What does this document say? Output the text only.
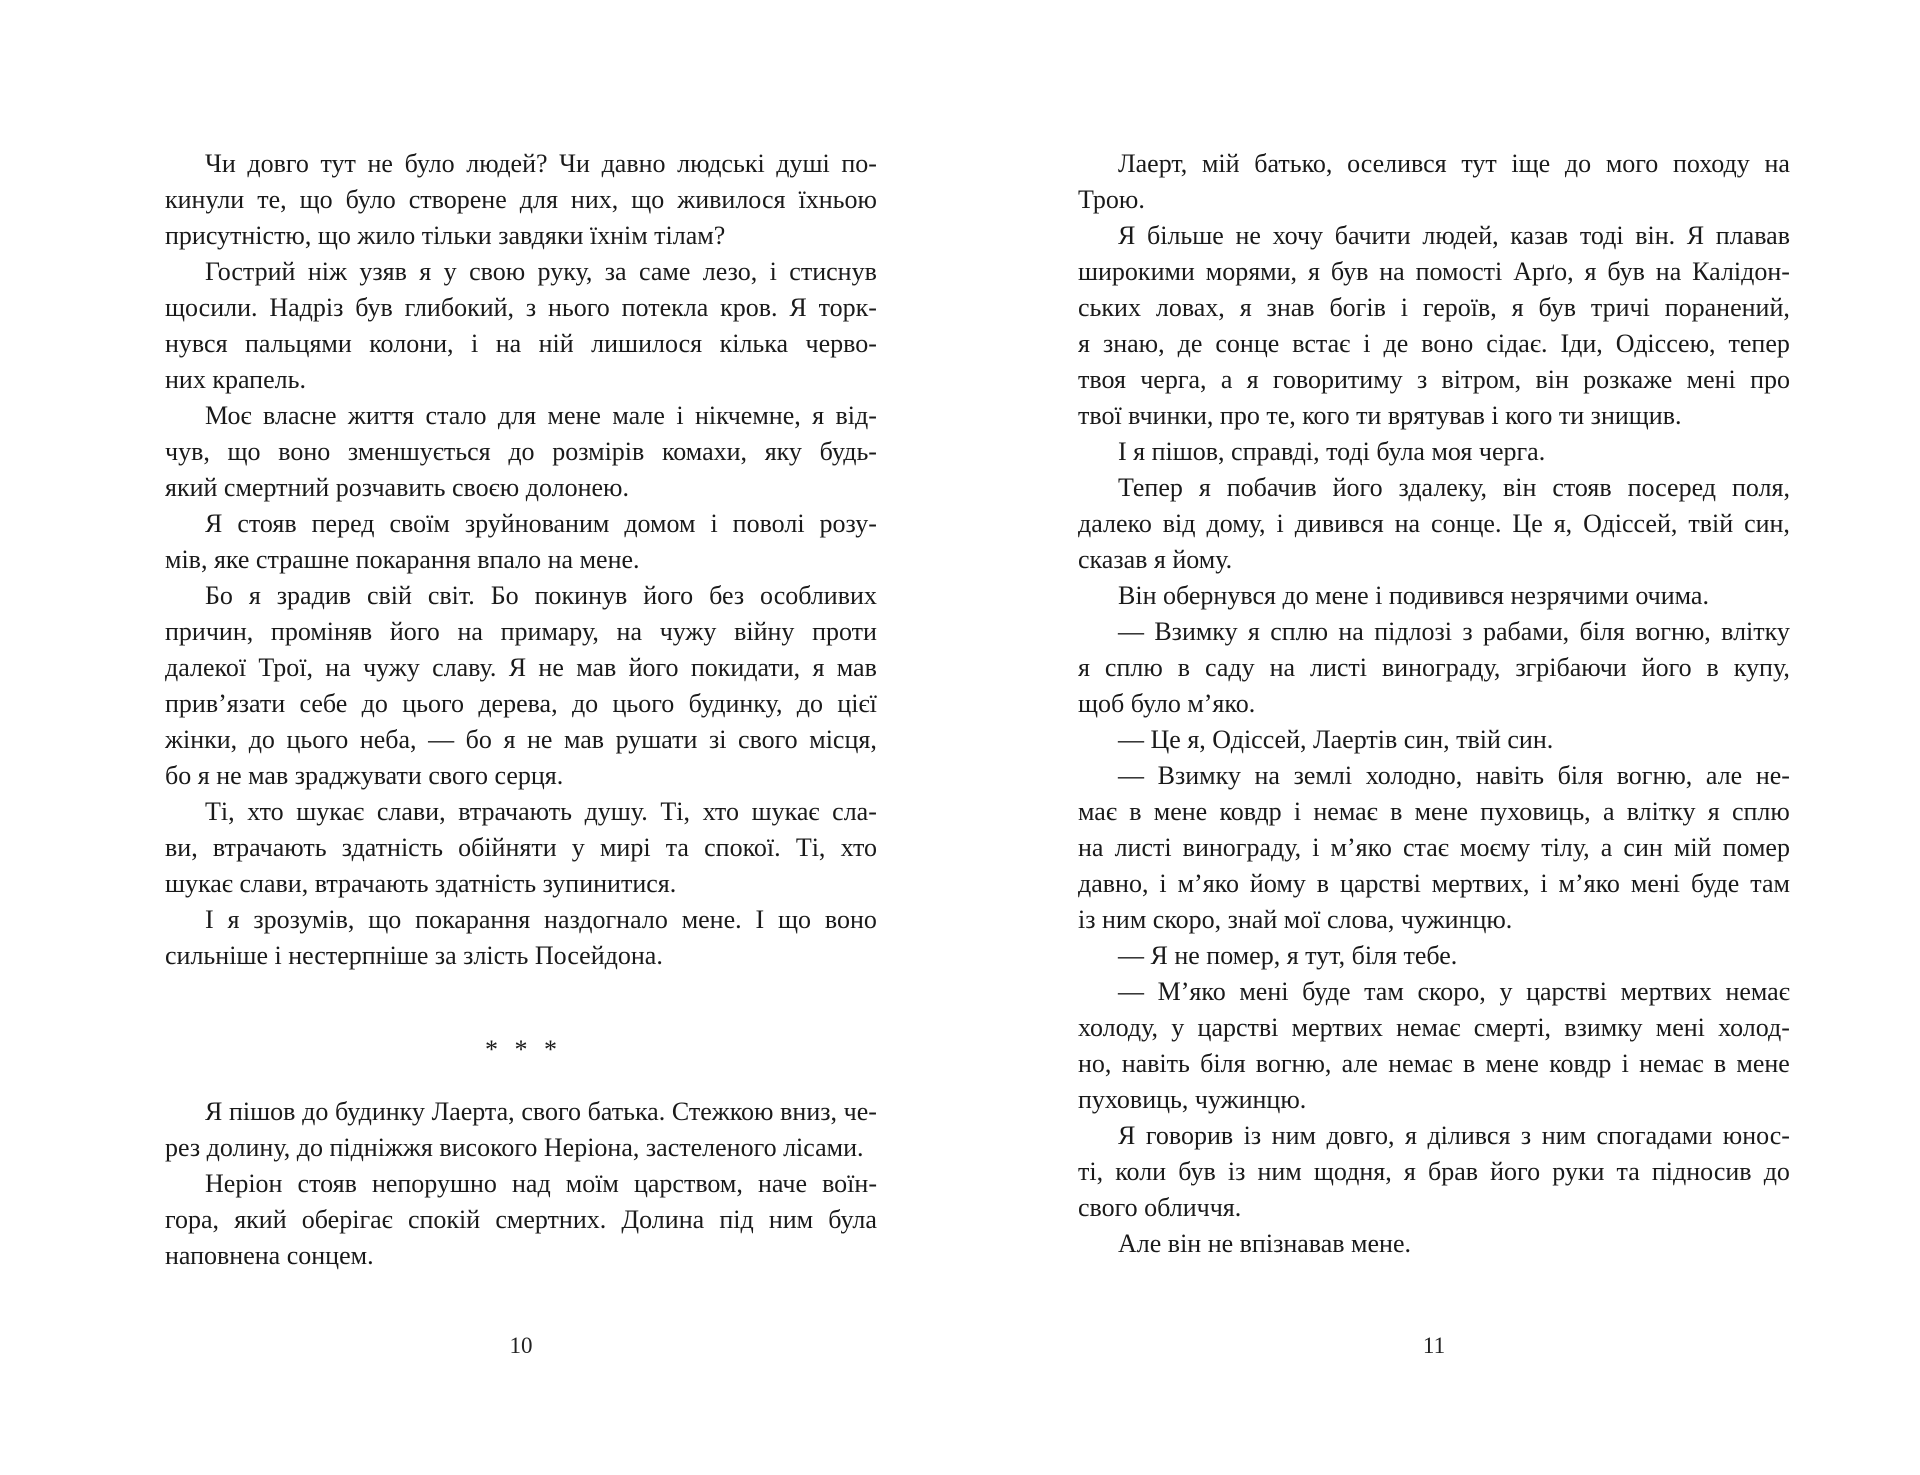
Чи довго тут не було людей? Чи давно людські душі по-
кинули те, що було створене для них, що живилося їхньою
присутністю, що жило тільки завдяки їхнім тілам?
Гострий ніж узяв я у свою руку, за саме лезо, і стиснув
щосили. Надріз був глибокий, з нього потекла кров. Я торк-
нувся пальцями колони, і на ній лишилося кілька черво-
них крапель.
Моє власне життя стало для мене мале і нікчемне, я від-
чув, що воно зменшується до розмірів комахи, яку будь-
який смертний розчавить своєю долонею.
Я стояв перед своїм зруйнованим домом і поволі розу-
мів, яке страшне покарання впало на мене.
Бо я зрадив свій світ. Бо покинув його без особливих
причин, проміняв його на примару, на чужу війну проти
далекої Трої, на чужу славу. Я не мав його покидати, я мав
прив’язати себе до цього дерева, до цього будинку, до цієї
жінки, до цього неба, — бо я не мав рушати зі свого місця,
бо я не мав зраджувати свого серця.
Ті, хто шукає слави, втрачають душу. Ті, хто шукає сла-
ви, втрачають здатність обійняти у мирі та спокої. Ті, хто
шукає слави, втрачають здатність зупинитися.
І я зрозумів, що покарання наздогнало мене. І що воно
сильніше і нестерпніше за злість Посейдона.
* * *
Я пішов до будинку Лаерта, свого батька. Стежкою вниз, че-
рез долину, до підніжжя високого Неріона, застеленого лісами.
Неріон стояв непорушно над моїм царством, наче воїн-
гора, який оберігає спокій смертних. Долина під ним була
наповнена сонцем.
Лаерт, мій батько, оселився тут іще до мого походу на
Трою.
Я більше не хочу бачити людей, казав тоді він. Я плавав
широкими морями, я був на помості Арґо, я був на Калідон-
ських ловах, я знав богів і героїв, я був тричі поранений,
я знаю, де сонце встає і де воно сідає. Іди, Одіссею, тепер
твоя черга, а я говоритиму з вітром, він розкаже мені про
твої вчинки, про те, кого ти врятував і кого ти знищив.
І я пішов, справді, тоді була моя черга.
Тепер я побачив його здалеку, він стояв посеред поля,
далеко від дому, і дивився на сонце. Це я, Одіссей, твій син,
сказав я йому.
Він обернувся до мене і подивився незрячими очима.
— Взимку я сплю на підлозі з рабами, біля вогню, влітку
я сплю в саду на листі винограду, згрібаючи його в купу,
щоб було м’яко.
— Це я, Одіссей, Лаертів син, твій син.
— Взимку на землі холодно, навіть біля вогню, але не-
має в мене ковдр і немає в мене пуховиць, а влітку я сплю
на листі винограду, і м’яко стає моєму тілу, а син мій помер
давно, і м’яко йому в царстві мертвих, і м’яко мені буде там
із ним скоро, знай мої слова, чужинцю.
— Я не помер, я тут, біля тебе.
— М’яко мені буде там скоро, у царстві мертвих немає
холоду, у царстві мертвих немає смерті, взимку мені холод-
но, навіть біля вогню, але немає в мене ковдр і немає в мене
пуховиць, чужинцю.
Я говорив із ним довго, я ділився з ним спогадами юнос-
ті, коли був із ним щодня, я брав його руки та підносив до
свого обличчя.
Але він не впізнавав мене.
10	11
